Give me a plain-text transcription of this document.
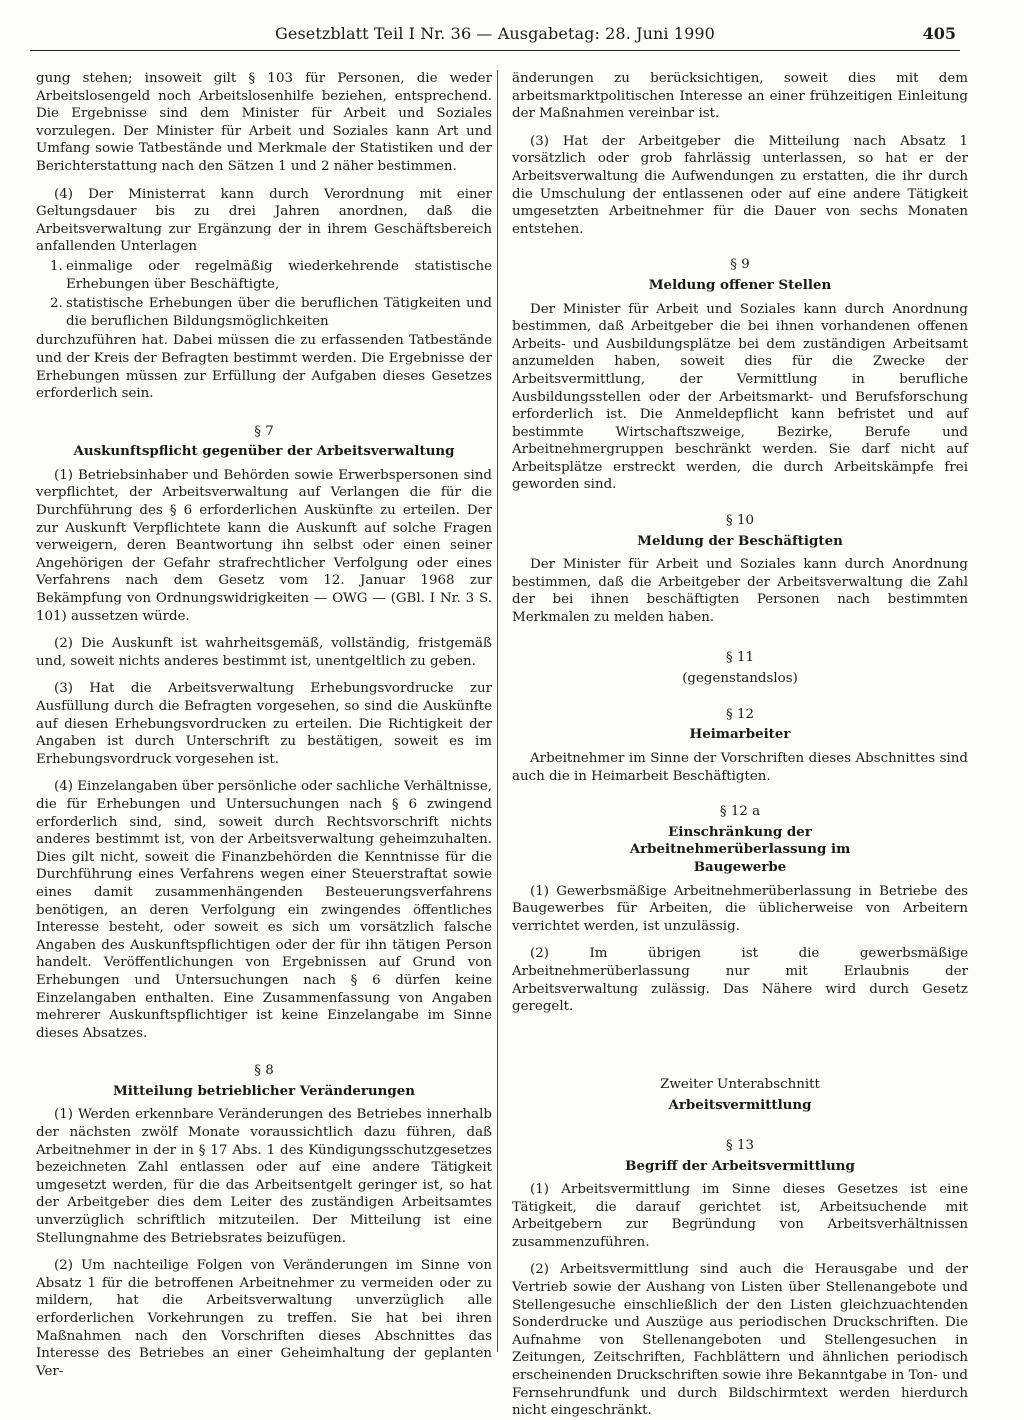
Gesetzblatt Teil I Nr. 36 — Ausgabetag: 28. Juni 1990	405

gung stehen; insoweit gilt § 103 für Personen, die weder Arbeitslosengeld noch Arbeitslosenhilfe beziehen, entsprechend. Die Ergebnisse sind dem Minister für Arbeit und Soziales vorzulegen. Der Minister für Arbeit und Soziales kann Art und Umfang sowie Tatbestände und Merkmale der Statistiken und der Berichterstattung nach den Sätzen 1 und 2 näher bestimmen.

(4) Der Ministerrat kann durch Verordnung mit einer Geltungsdauer bis zu drei Jahren anordnen, daß die Arbeitsverwaltung zur Ergänzung der in ihrem Geschäftsbereich anfallenden Unterlagen

1. einmalige oder regelmäßig wiederkehrende statistische Erhebungen über Beschäftigte,
2. statistische Erhebungen über die beruflichen Tätigkeiten und die beruflichen Bildungsmöglichkeiten

durchzuführen hat. Dabei müssen die zu erfassenden Tatbestände und der Kreis der Befragten bestimmt werden. Die Ergebnisse der Erhebungen müssen zur Erfüllung der Aufgaben dieses Gesetzes erforderlich sein.

§ 7
Auskunftspflicht gegenüber der Arbeitsverwaltung

(1) Betriebsinhaber und Behörden sowie Erwerbspersonen sind verpflichtet, der Arbeitsverwaltung auf Verlangen die für die Durchführung des § 6 erforderlichen Auskünfte zu erteilen. Der zur Auskunft Verpflichtete kann die Auskunft auf solche Fragen verweigern, deren Beantwortung ihn selbst oder einen seiner Angehörigen der Gefahr strafrechtlicher Verfolgung oder eines Verfahrens nach dem Gesetz vom 12. Januar 1968 zur Bekämpfung von Ordnungswidrigkeiten — OWG — (GBl. I Nr. 3 S. 101) aussetzen würde.

(2) Die Auskunft ist wahrheitsgemäß, vollständig, fristgemäß und, soweit nichts anderes bestimmt ist, unentgeltlich zu geben.

(3) Hat die Arbeitsverwaltung Erhebungsvordrucke zur Ausfüllung durch die Befragten vorgesehen, so sind die Auskünfte auf diesen Erhebungsvordrucken zu erteilen. Die Richtigkeit der Angaben ist durch Unterschrift zu bestätigen, soweit es im Erhebungsvordruck vorgesehen ist.

(4) Einzelangaben über persönliche oder sachliche Verhältnisse, die für Erhebungen und Untersuchungen nach § 6 zwingend erforderlich sind, sind, soweit durch Rechtsvorschrift nichts anderes bestimmt ist, von der Arbeitsverwaltung geheimzuhalten. Dies gilt nicht, soweit die Finanzbehörden die Kenntnisse für die Durchführung eines Verfahrens wegen einer Steuerstraftat sowie eines damit zusammenhängenden Besteuerungsverfahrens benötigen, an deren Verfolgung ein zwingendes öffentliches Interesse besteht, oder soweit es sich um vorsätzlich falsche Angaben des Auskunftspflichtigen oder der für ihn tätigen Person handelt. Veröffentlichungen von Ergebnissen auf Grund von Erhebungen und Untersuchungen nach § 6 dürfen keine Einzelangaben enthalten. Eine Zusammenfassung von Angaben mehrerer Auskunftspflichtiger ist keine Einzelangabe im Sinne dieses Absatzes.

§ 8
Mitteilung betrieblicher Veränderungen

(1) Werden erkennbare Veränderungen des Betriebes innerhalb der nächsten zwölf Monate voraussichtlich dazu führen, daß Arbeitnehmer in der in § 17 Abs. 1 des Kündigungsschutzgesetzes bezeichneten Zahl entlassen oder auf eine andere Tätigkeit umgesetzt werden, für die das Arbeitsentgelt geringer ist, so hat der Arbeitgeber dies dem Leiter des zuständigen Arbeitsamtes unverzüglich schriftlich mitzuteilen. Der Mitteilung ist eine Stellungnahme des Betriebsrates beizufügen.

(2) Um nachteilige Folgen von Veränderungen im Sinne von Absatz 1 für die betroffenen Arbeitnehmer zu vermeiden oder zu mildern, hat die Arbeitsverwaltung unverzüglich alle erforderlichen Vorkehrungen zu treffen. Sie hat bei ihren Maßnahmen nach den Vorschriften dieses Abschnittes das Interesse des Betriebes an einer Geheimhaltung der geplanten Ver-

änderungen zu berücksichtigen, soweit dies mit dem arbeitsmarktpolitischen Interesse an einer frühzeitigen Einleitung der Maßnahmen vereinbar ist.

(3) Hat der Arbeitgeber die Mitteilung nach Absatz 1 vorsätzlich oder grob fahrlässig unterlassen, so hat er der Arbeitsverwaltung die Aufwendungen zu erstatten, die ihr durch die Umschulung der entlassenen oder auf eine andere Tätigkeit umgesetzten Arbeitnehmer für die Dauer von sechs Monaten entstehen.

§ 9
Meldung offener Stellen

Der Minister für Arbeit und Soziales kann durch Anordnung bestimmen, daß Arbeitgeber die bei ihnen vorhandenen offenen Arbeits- und Ausbildungsplätze bei dem zuständigen Arbeitsamt anzumelden haben, soweit dies für die Zwecke der Arbeitsvermittlung, der Vermittlung in berufliche Ausbildungsstellen oder der Arbeitsmarkt- und Berufsforschung erforderlich ist. Die Anmeldepflicht kann befristet und auf bestimmte Wirtschaftszweige, Bezirke, Berufe und Arbeitnehmergruppen beschränkt werden. Sie darf nicht auf Arbeitsplätze erstreckt werden, die durch Arbeitskämpfe frei geworden sind.

§ 10
Meldung der Beschäftigten

Der Minister für Arbeit und Soziales kann durch Anordnung bestimmen, daß die Arbeitgeber der Arbeitsverwaltung die Zahl der bei ihnen beschäftigten Personen nach bestimmten Merkmalen zu melden haben.

§ 11
(gegenstandslos)
§ 12
Heimarbeiter

Arbeitnehmer im Sinne der Vorschriften dieses Abschnittes sind auch die in Heimarbeit Beschäftigten.

§ 12 a
Einschränkung der Arbeitnehmerüberlassung im Baugewerbe

(1) Gewerbsmäßige Arbeitnehmerüberlassung in Betriebe des Baugewerbes für Arbeiten, die üblicherweise von Arbeitern verrichtet werden, ist unzulässig.

(2) Im übrigen ist die gewerbsmäßige Arbeitnehmerüberlassung nur mit Erlaubnis der Arbeitsverwaltung zulässig. Das Nähere wird durch Gesetz geregelt.

Zweiter Unterabschnitt
Arbeitsvermittlung
§ 13
Begriff der Arbeitsvermittlung

(1) Arbeitsvermittlung im Sinne dieses Gesetzes ist eine Tätigkeit, die darauf gerichtet ist, Arbeitsuchende mit Arbeitgebern zur Begründung von Arbeitsverhältnissen zusammenzuführen.

(2) Arbeitsvermittlung sind auch die Herausgabe und der Vertrieb sowie der Aushang von Listen über Stellenangebote und Stellengesuche einschließlich der den Listen gleichzuachtenden Sonderdrucke und Auszüge aus periodischen Druckschriften. Die Aufnahme von Stellenangeboten und Stellengesuchen in Zeitungen, Zeitschriften, Fachblättern und ähnlichen periodisch erscheinenden Druckschriften sowie ihre Bekanntgabe in Ton- und Fernsehrundfunk und durch Bildschirmtext werden hierdurch nicht eingeschränkt.
